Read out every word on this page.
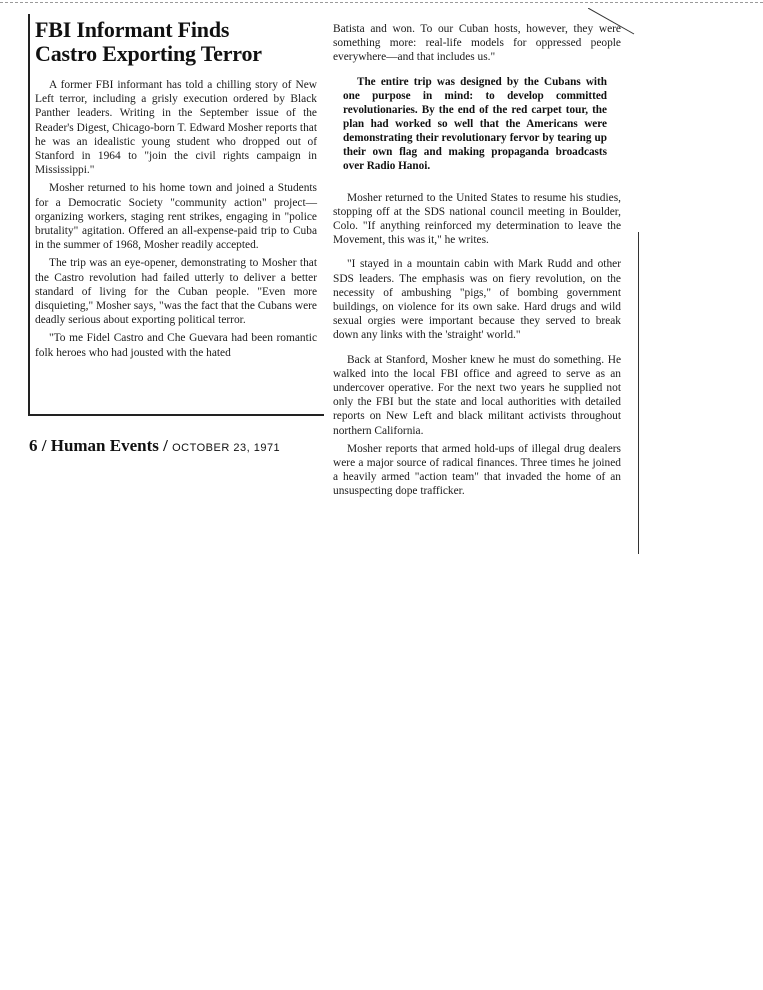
FBI Informant Finds
Castro Exporting Terror

A former FBI informant has told a chilling story of New Left terror, including a grisly execution ordered by Black Panther leaders. Writing in the September issue of the Reader's Digest, Chicago-born T. Edward Mosher reports that he was an idealistic young student who dropped out of Stanford in 1964 to "join the civil rights campaign in Mississippi."

Mosher returned to his home town and joined a Students for a Democratic Society "community action" project—organizing workers, staging rent strikes, engaging in "police brutality" agitation. Offered an all-expense-paid trip to Cuba in the summer of 1968, Mosher readily accepted.

The trip was an eye-opener, demonstrating to Mosher that the Castro revolution had failed utterly to deliver a better standard of living for the Cuban people. "Even more disquieting," Mosher says, "was the fact that the Cubans were deadly serious about exporting political terror.

"To me Fidel Castro and Che Guevara had been romantic folk heroes who had jousted with the hated

6 / Human Events / OCTOBER 23, 1971

Batista and won. To our Cuban hosts, however, they were something more: real-life models for oppressed people everywhere—and that includes us."

The entire trip was designed by the Cubans with one purpose in mind: to develop committed revolutionaries. By the end of the red carpet tour, the plan had worked so well that the Americans were demonstrating their revolutionary fervor by tearing up their own flag and making propaganda broadcasts over Radio Hanoi.

Mosher returned to the United States to resume his studies, stopping off at the SDS national council meeting in Boulder, Colo. "If anything reinforced my determination to leave the Movement, this was it," he writes.

"I stayed in a mountain cabin with Mark Rudd and other SDS leaders. The emphasis was on fiery revolution, on the necessity of ambushing "pigs," of bombing government buildings, on violence for its own sake. Hard drugs and wild sexual orgies were important because they served to break down any links with the 'straight' world."

Back at Stanford, Mosher knew he must do something. He walked into the local FBI office and agreed to serve as an undercover operative. For the next two years he supplied not only the FBI but the state and local authorities with detailed reports on New Left and black militant activists throughout northern California.

Mosher reports that armed hold-ups of illegal drug dealers were a major source of radical finances. Three times he joined a heavily armed "action team" that invaded the home of an unsuspecting dope trafficker.
